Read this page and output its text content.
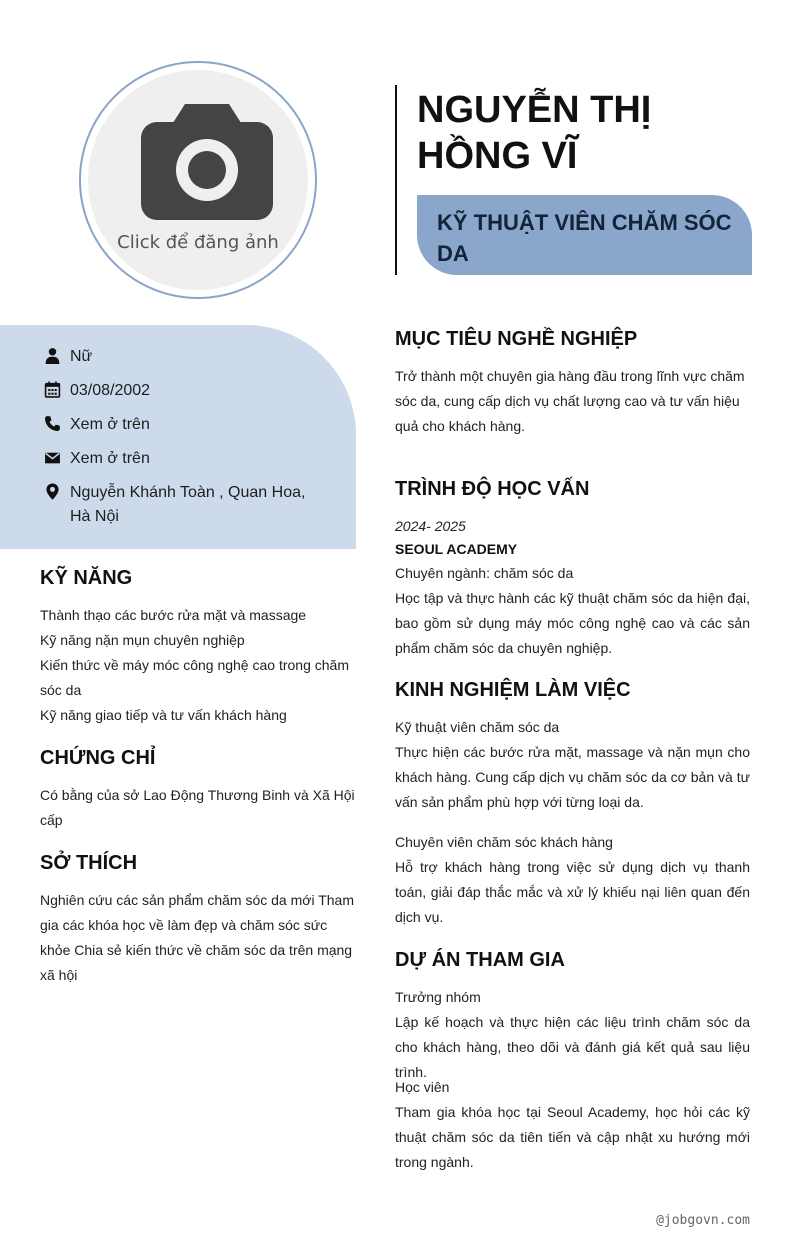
Click để đăng ảnh
NGUYỄN THỊ HỒNG VĨ
KỸ THUẬT VIÊN CHĂM SÓC DA
Nữ
03/08/2002
Xem ở trên
Xem ở trên
Nguyễn Khánh Toàn , Quan Hoa,
Hà Nội
KỸ NĂNG
Thành thạo các bước rửa mặt và massage
Kỹ năng nặn mụn chuyên nghiệp
Kiến thức về máy móc công nghệ cao trong chăm sóc da
Kỹ năng giao tiếp và tư vấn khách hàng
CHỨNG CHỈ
Có bằng của sở Lao Động Thương Binh và Xã Hội cấp
SỞ THÍCH
Nghiên cứu các sản phẩm chăm sóc da mới Tham gia các khóa học về làm đẹp và chăm sóc sức khỏe Chia sẻ kiến thức về chăm sóc da trên mạng xã hội
MỤC TIÊU NGHỀ NGHIỆP
Trở thành một chuyên gia hàng đầu trong lĩnh vực chăm sóc da, cung cấp dịch vụ chất lượng cao và tư vấn hiệu quả cho khách hàng.
TRÌNH ĐỘ HỌC VẤN
2024- 2025
SEOUL ACADEMY
Chuyên ngành: chăm sóc da
Học tập và thực hành các kỹ thuật chăm sóc da hiện đại, bao gồm sử dụng máy móc công nghệ cao và các sản phẩm chăm sóc da chuyên nghiệp.
KINH NGHIỆM LÀM VIỆC
Kỹ thuật viên chăm sóc da
Thực hiện các bước rửa mặt, massage và nặn mụn cho khách hàng. Cung cấp dịch vụ chăm sóc da cơ bản và tư vấn sản phẩm phù hợp với từng loại da.
Chuyên viên chăm sóc khách hàng
Hỗ trợ khách hàng trong việc sử dụng dịch vụ thanh toán, giải đáp thắc mắc và xử lý khiếu nại liên quan đến dịch vụ.
DỰ ÁN THAM GIA
Trưởng nhóm
Lập kế hoạch và thực hiện các liệu trình chăm sóc da cho khách hàng, theo dõi và đánh giá kết quả sau liệu trình.
Học viên
Tham gia khóa học tại Seoul Academy, học hỏi các kỹ thuật chăm sóc da tiên tiến và cập nhật xu hướng mới trong ngành.
@jobgovn.com
